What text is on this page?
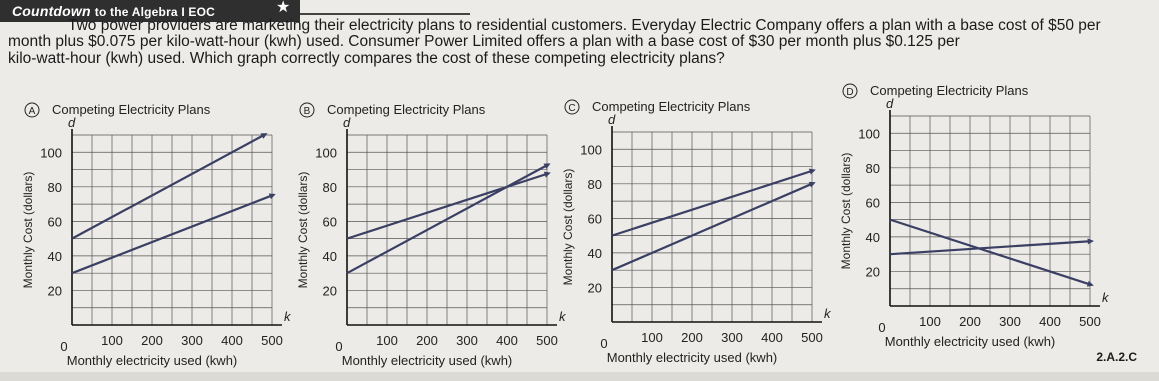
Countdown to the Algebra I EOC	★
Two power providers are marketing their electricity plans to residential customers. Everyday Electric Company offers a plan with a base cost of $50 per
month plus $0.075 per kilo-watt-hour (kwh) used. Consumer Power Limited offers a plan with a base cost of $30 per month plus $0.125 per
kilo-watt-hour (kwh) used. Which graph correctly compares the cost of these competing electricity plans?
A Competing Electricity Plans
k
d
100 200 300 400 500
0
20
40
60
80
100
Monthly electricity used (kwh)
Monthly Cost (dollars)
B Competing Electricity Plans
k
d
100 200 300 400 500
0
20
40
60
80
100
Monthly electricity used (kwh)
Monthly Cost (dollars)
C Competing Electricity Plans
k
d
100 200 300 400 500
0
20
40
60
80
100
Monthly electricity used (kwh)
Monthly Cost (dollars)
D Competing Electricity Plans
k
d
100 200 300 400 500
0
20
40
60
80
100
Monthly electricity used (kwh)
Monthly Cost (dollars)
2.A.2.C
